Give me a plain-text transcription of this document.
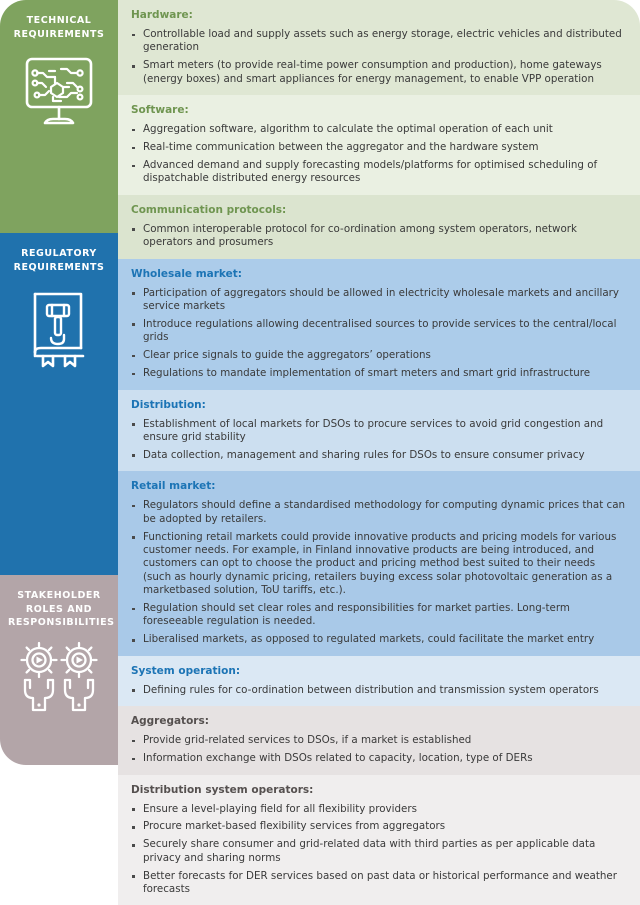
TECHNICAL
REQUIREMENTS
REGULATORY
REQUIREMENTS
STAKEHOLDER
ROLES AND
RESPONSIBILITIES
Hardware:
Controllable load and supply assets such as energy storage, electric vehicles and distributed generation
Smart meters (to provide real-time power consumption and production), home gateways (energy boxes) and smart appliances for energy management, to enable VPP operation
Software:
Aggregation software, algorithm to calculate the optimal operation of each unit
Real-time communication between the aggregator and the hardware system
Advanced demand and supply forecasting models/platforms for optimised scheduling of dispatchable distributed energy resources
Communication protocols:
Common interoperable protocol for co-ordination among system operators, network operators and prosumers
Wholesale market:
Participation of aggregators should be allowed in electricity wholesale markets and ancillary service markets
Introduce regulations allowing decentralised sources to provide services to the central/local grids
Clear price signals to guide the aggregators’ operations
Regulations to mandate implementation of smart meters and smart grid infrastructure
Distribution:
Establishment of local markets for DSOs to procure services to avoid grid congestion and ensure grid stability
Data collection, management and sharing rules for DSOs to ensure consumer privacy
Retail market:
Regulators should define a standardised methodology for computing dynamic prices that can be adopted by retailers.
Functioning retail markets could provide innovative products and pricing models for various customer needs. For example, in Finland innovative products are being introduced, and customers can opt to choose the product and pricing method best suited to their needs (such as hourly dynamic pricing, retailers buying excess solar photovoltaic generation as a marketbased solution, ToU tariffs, etc.).
Regulation should set clear roles and responsibilities for market parties. Long-term foreseeable regulation is needed.
Liberalised markets, as opposed to regulated markets, could facilitate the market entry
System operation:
Defining rules for co-ordination between distribution and transmission system operators
Aggregators:
Provide grid-related services to DSOs, if a market is established
Information exchange with DSOs related to capacity, location, type of DERs
Distribution system operators:
Ensure a level-playing field for all flexibility providers
Procure market-based flexibility services from aggregators
Securely share consumer and grid-related data with third parties as per applicable data privacy and sharing norms
Better forecasts for DER services based on past data or historical performance and weather forecasts
